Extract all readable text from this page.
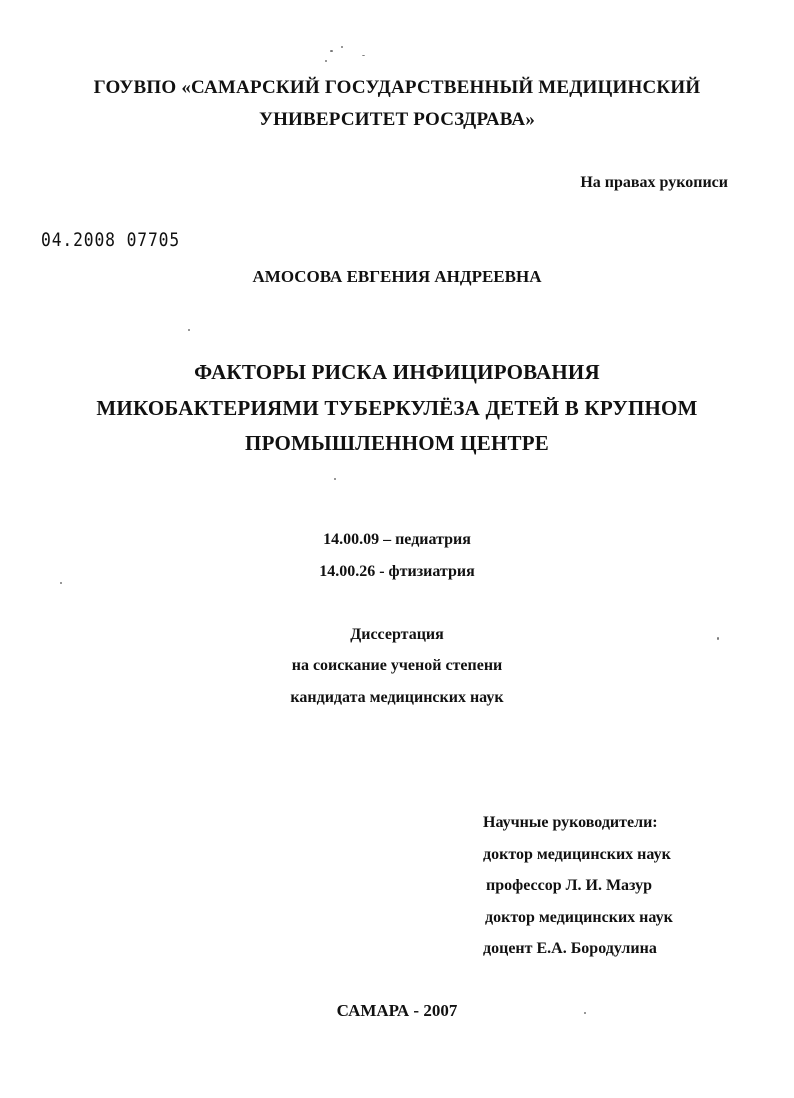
ГОУВПО «САМАРСКИЙ ГОСУДАРСТВЕННЫЙ МЕДИЦИНСКИЙ
УНИВЕРСИТЕТ РОСЗДРАВА»
На правах рукописи
04.2008 07705
АМОСОВА ЕВГЕНИЯ АНДРЕЕВНА
ФАКТОРЫ РИСКА ИНФИЦИРОВАНИЯ
МИКОБАКТЕРИЯМИ ТУБЕРКУЛЁЗА ДЕТЕЙ В КРУПНОМ
ПРОМЫШЛЕННОМ ЦЕНТРЕ
14.00.09 – педиатрия
14.00.26 - фтизиатрия
Диссертация
на соискание ученой степени
кандидата медицинских наук
Научные руководители:
доктор медицинских наук
профессор Л. И. Мазур
доктор медицинских наук
доцент Е.А. Бородулина
САМАРА - 2007
